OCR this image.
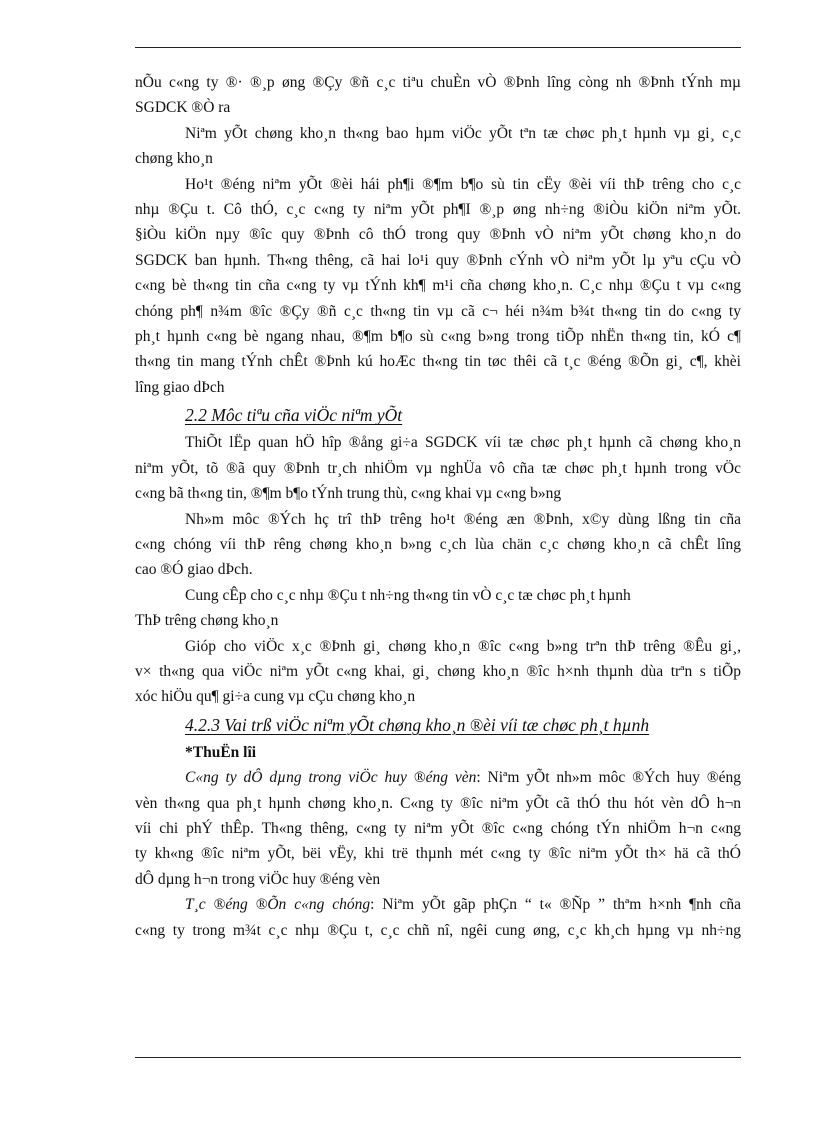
nÕu c«ng ty ®· ®¸p øng ®Çy ®ñ c¸c tiªu chuÈn vÒ ®Þnh lîng còng nh ®Þnh tÝnh mµ
SGDCK ®Ò ra

Niªm yÕt chøng kho¸n th«ng bao hµm viÖc yÕt tªn tæ chøc ph¸t hµnh vµ gi¸ c¸c
chøng kho¸n

Ho¹t ®éng niªm yÕt ®èi hái ph¶i ®¶m b¶o sù tin cËy ®èi víi thÞ trêng cho c¸c
nhµ ®Çu t. Cô thÓ, c¸c c«ng ty niªm yÕt ph¶I ®¸p øng nh÷ng ®iÒu kiÖn niªm yÕt.
§iÒu kiÖn nµy ®îc quy ®Þnh cô thÓ trong quy ®Þnh vÒ niªm yÕt chøng kho¸n do
SGDCK ban hµnh. Th«ng thêng, cã hai lo¹i quy ®Þnh cÝnh vÒ niªm yÕt lµ yªu cÇu vÒ
c«ng bè th«ng tin cña c«ng ty vµ tÝnh kh¶ m¹i cña chøng kho¸n. C¸c nhµ ®Çu t vµ c«ng
chóng ph¶ n¾m ®îc ®Çy ®ñ c¸c th«ng tin vµ cã c¬ héi n¾m b¾t th«ng tin do c«ng ty
ph¸t hµnh c«ng bè ngang nhau, ®¶m b¶o sù c«ng b»ng trong tiÕp nhËn th«ng tin, kÓ c¶
th«ng tin mang tÝnh chÊt ®Þnh kú hoÆc th«ng tin tøc thêi cã t¸c ®éng ®Õn gi¸ c¶, khèi
lîng giao dÞch

2.2 Môc tiªu cña viÖc niªm yÕt

ThiÕt lËp quan hÖ hîp ®ång gi÷a SGDCK víi tæ chøc ph¸t hµnh cã chøng kho¸n
niªm yÕt, tõ ®ã quy ®Þnh tr¸ch nhiÖm vµ nghÜa vô cña tæ chøc ph¸t hµnh trong vÖc
c«ng bã th«ng tin, ®¶m b¶o tÝnh trung thù, c«ng khai vµ c«ng b»ng

Nh»m môc ®Ých hç trî thÞ trêng ho¹t ®éng æn ®Þnh, x©y dùng lßng tin cña
c«ng chóng víi thÞ rêng chøng kho¸n b»ng c¸ch lùa chän c¸c chøng kho¸n cã chÊt lîng
cao ®Ó giao dÞch.

Cung cÊp cho c¸c nhµ ®Çu t nh÷ng th«ng tin vÒ c¸c tæ chøc ph¸t hµnh

ThÞ trêng chøng kho¸n

Gióp cho viÖc x¸c ®Þnh gi¸ chøng kho¸n ®îc c«ng b»ng trªn thÞ trêng ®Êu gi¸,
v× th«ng qua viÖc niªm yÕt c«ng khai, gi¸ chøng kho¸n ®îc h×nh thµnh dùa trªn s tiÕp
xóc hiÖu qu¶ gi÷a cung vµ cÇu chøng kho¸n

4.2.3 Vai trß viÖc niªm yÕt chøng kho¸n ®èi víi tæ chøc ph¸t hµnh
*ThuËn lîi

C«ng ty dÔ dµng trong viÖc huy ®éng vèn: Niªm yÕt nh»m môc ®Ých huy ®éng
vèn th«ng qua ph¸t hµnh chøng kho¸n. C«ng ty ®îc niªm yÕt cã thÓ thu hót vèn dÔ h¬n
víi chi phÝ thÊp. Th«ng thêng, c«ng ty niªm yÕt ®îc c«ng chóng tÝn nhiÖm h¬n c«ng
ty kh«ng ®îc niªm yÕt, bëi vËy, khi trë thµnh mét c«ng ty ®îc niªm yÕt th× hä cã thÓ
dÔ dµng h¬n trong viÖc huy ®éng vèn

T¸c ®éng ®Õn c«ng chóng: Niªm yÕt gãp phÇn “ t« ®Ñp ” thªm h×nh ¶nh cña
c«ng ty trong m¾t c¸c nhµ ®Çu t, c¸c chñ nî, ngêi cung øng, c¸c kh¸ch hµng vµ nh÷ng
